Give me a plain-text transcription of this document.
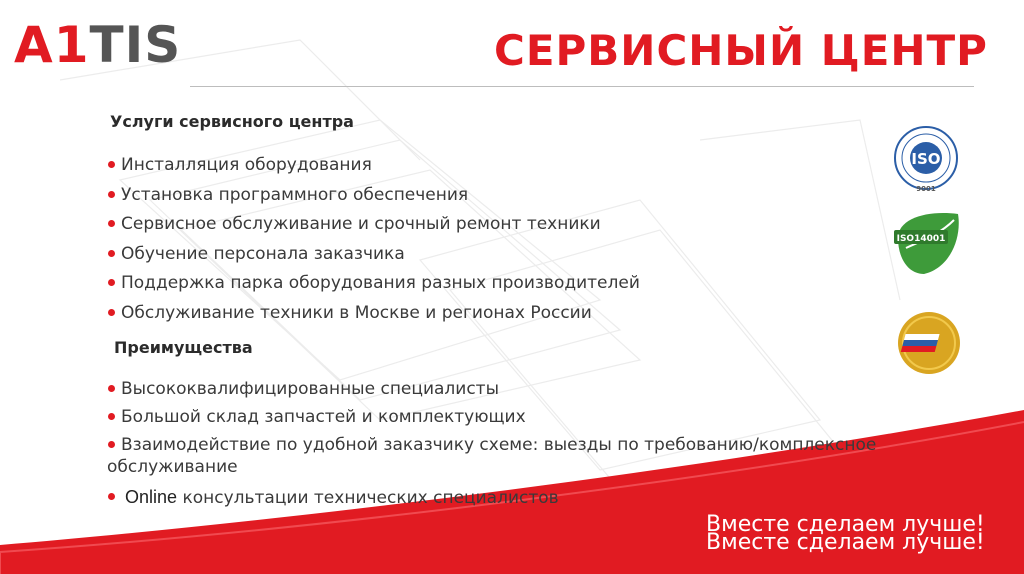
A1TIS	СЕРВИСНЫЙ ЦЕНТР
Услуги сервисного центра
Инсталляция оборудования
Установка программного обеспечения
Сервисное обслуживание и срочный ремонт техники
Обучение персонала заказчика
Поддержка парка оборудования разных производителей
Обслуживание техники в Москве и регионах России
Преимущества
Высококвалифицированные специалисты
Большой склад запчастей и комплектующих
Взаимодействие по удобной заказчику схеме: выезды по требованию/комплексное обслуживание
Online консультации технических специалистов
ISO
9001
ISO14001
Вместе сделаем лучше!
Вместе сделаем лучше!
